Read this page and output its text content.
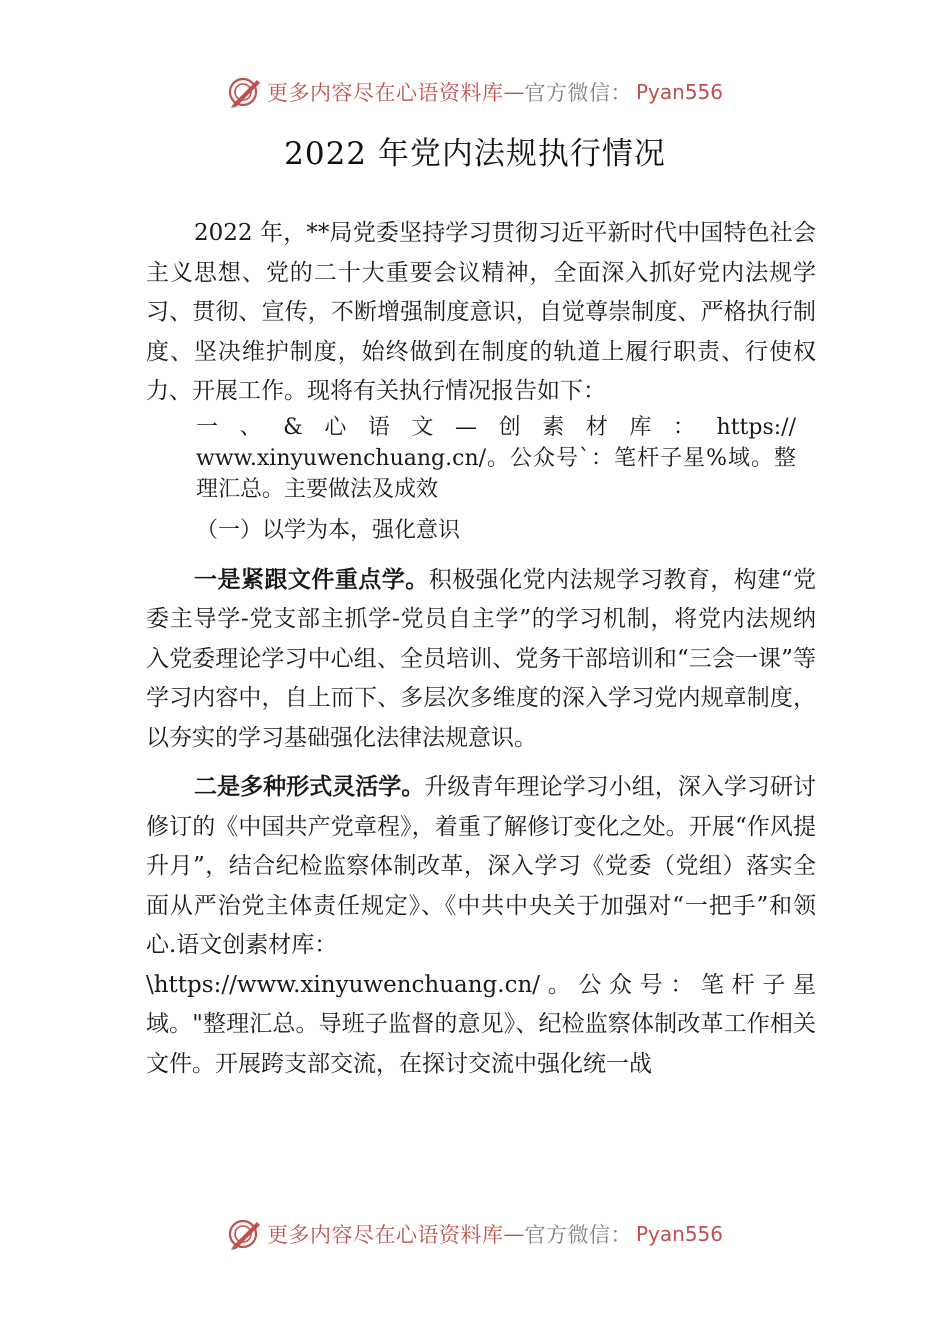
更多内容尽在心语资料库 — 官方微信： Pyan556
2022 年党内法规执行情况

2022 年，**局党委坚持学习贯彻习近平新时代中国特色社会主义思想、党的二十大重要会议精神，全面深入抓好党内法规学习、贯彻、宣传，不断增强制度意识，自觉尊崇制度、严格执行制度、坚决维护制度，始终做到在制度的轨道上履行职责、行使权力、开展工作。现将有关执行情况报告如下：

一、&心语文—创素材库：https:// www.xinyuwenchuang.cn/。公众号`：笔杆子星%域。整理汇总。主要做法及成效

（一）以学为本，强化意识

一是紧跟文件重点学。积极强化党内法规学习教育，构建“党委主导学-党支部主抓学-党员自主学”的学习机制，将党内法规纳入党委理论学习中心组、全员培训、党务干部培训和“三会一课”等学习内容中，自上而下、多层次多维度的深入学习党内规章制度，以夯实的学习基础强化法律法规意识。

二是多种形式灵活学。升级青年理论学习小组，深入学习研讨修订的《中国共产党章程》，着重了解修订变化之处。开展“作风提升月”，结合纪检监察体制改革，深入学习《党委（党组）落实全面从严治党主体责任规定》、《中共中央关于加强对“一把手”和领心.语文创素材库：

\https://www.xinyuwenchuang.cn/。公众号：笔杆子星域。"整理汇总。导班子监督的意见》、纪检监察体制改革工作相关文件。开展跨支部交流，在探讨交流中强化统一战

更多内容尽在心语资料库 — 官方微信： Pyan556
